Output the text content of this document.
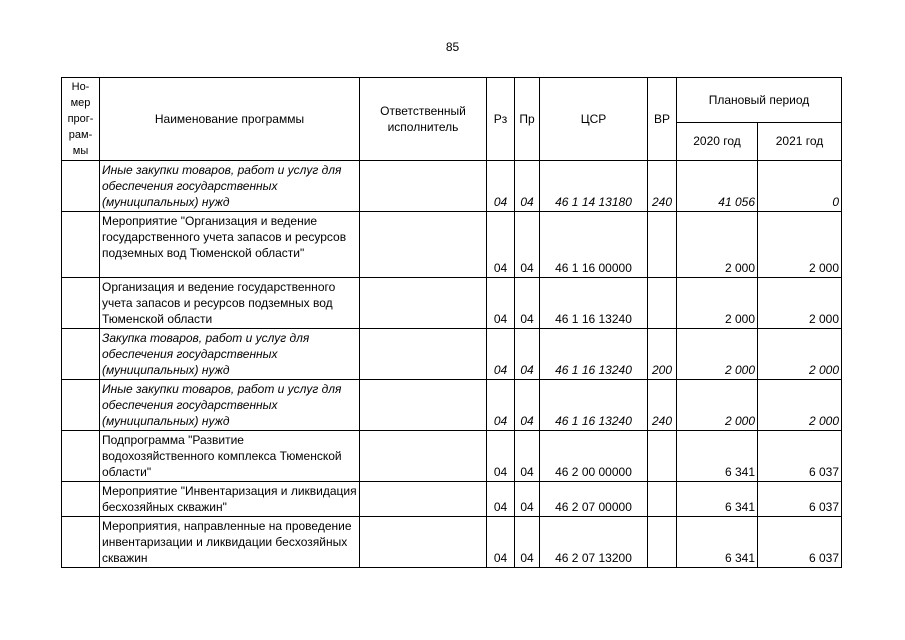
85
Но-мер прог-рам-мы	Наименование программы	Ответственный исполнитель	Рз	Пр	ЦСР	ВР	Плановый период	
							2020 год	2021 год
	Иные закупки товаров, работ и услуг для обеспечения государственных (муниципальных) нужд		04	04	46 1 14 13180	240	41 056	0
	Мероприятие "Организация и ведение государственного учета запасов и ресурсов подземных вод Тюменской области"		04	04	46 1 16 00000		2 000	2 000
	Организация и ведение государственного учета запасов и ресурсов подземных вод Тюменской области		04	04	46 1 16 13240		2 000	2 000
	Закупка товаров, работ и услуг для обеспечения государственных (муниципальных) нужд		04	04	46 1 16 13240	200	2 000	2 000
	Иные закупки товаров, работ и услуг для обеспечения государственных (муниципальных) нужд		04	04	46 1 16 13240	240	2 000	2 000
	Подпрограмма "Развитие водохозяйственного комплекса Тюменской области"		04	04	46 2 00 00000		6 341	6 037
	Мероприятие "Инвентаризация и ликвидация бесхозяйных скважин"		04	04	46 2 07 00000		6 341	6 037
	Мероприятия, направленные на проведение инвентаризации и ликвидации бесхозяйных скважин		04	04	46 2 07 13200		6 341	6 037
